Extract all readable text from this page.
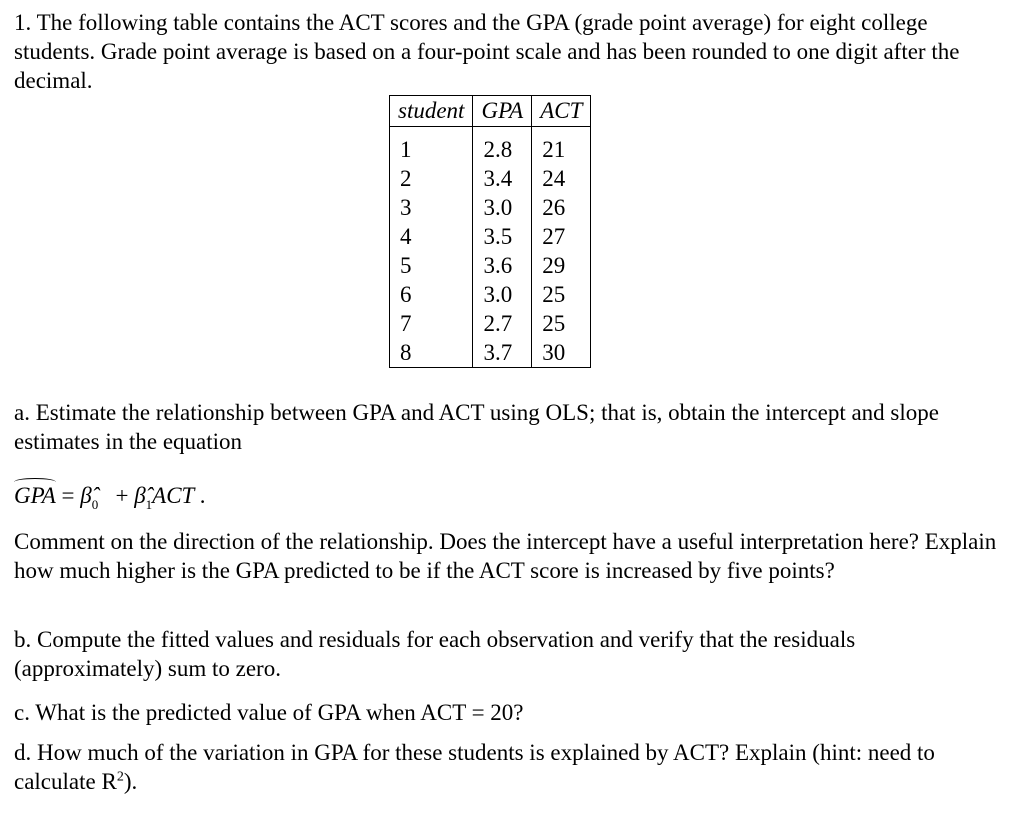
1. The following table contains the ACT scores and the GPA (grade point average) for eight college students. Grade point average is based on a four-point scale and has been rounded to one digit after the decimal.

student	GPA	ACT
1	2.8	21
2	3.4	24
3	3.0	26
4	3.5	27
5	3.6	29
6	3.0	25
7	2.7	25
8	3.7	30

a. Estimate the relationship between GPA and ACT using OLS; that is, obtain the intercept and slope estimates in the equation

GPA = $\betâ_0$ + $\betâ_1ACT$ .

Comment on the direction of the relationship. Does the intercept have a useful interpretation here? Explain how much higher is the GPA predicted to be if the ACT score is increased by five points?

b. Compute the fitted values and residuals for each observation and verify that the residuals (approximately) sum to zero.

c. What is the predicted value of GPA when ACT = 20?

d. How much of the variation in GPA for these students is explained by ACT? Explain (hint: need to calculate $R^2$).
